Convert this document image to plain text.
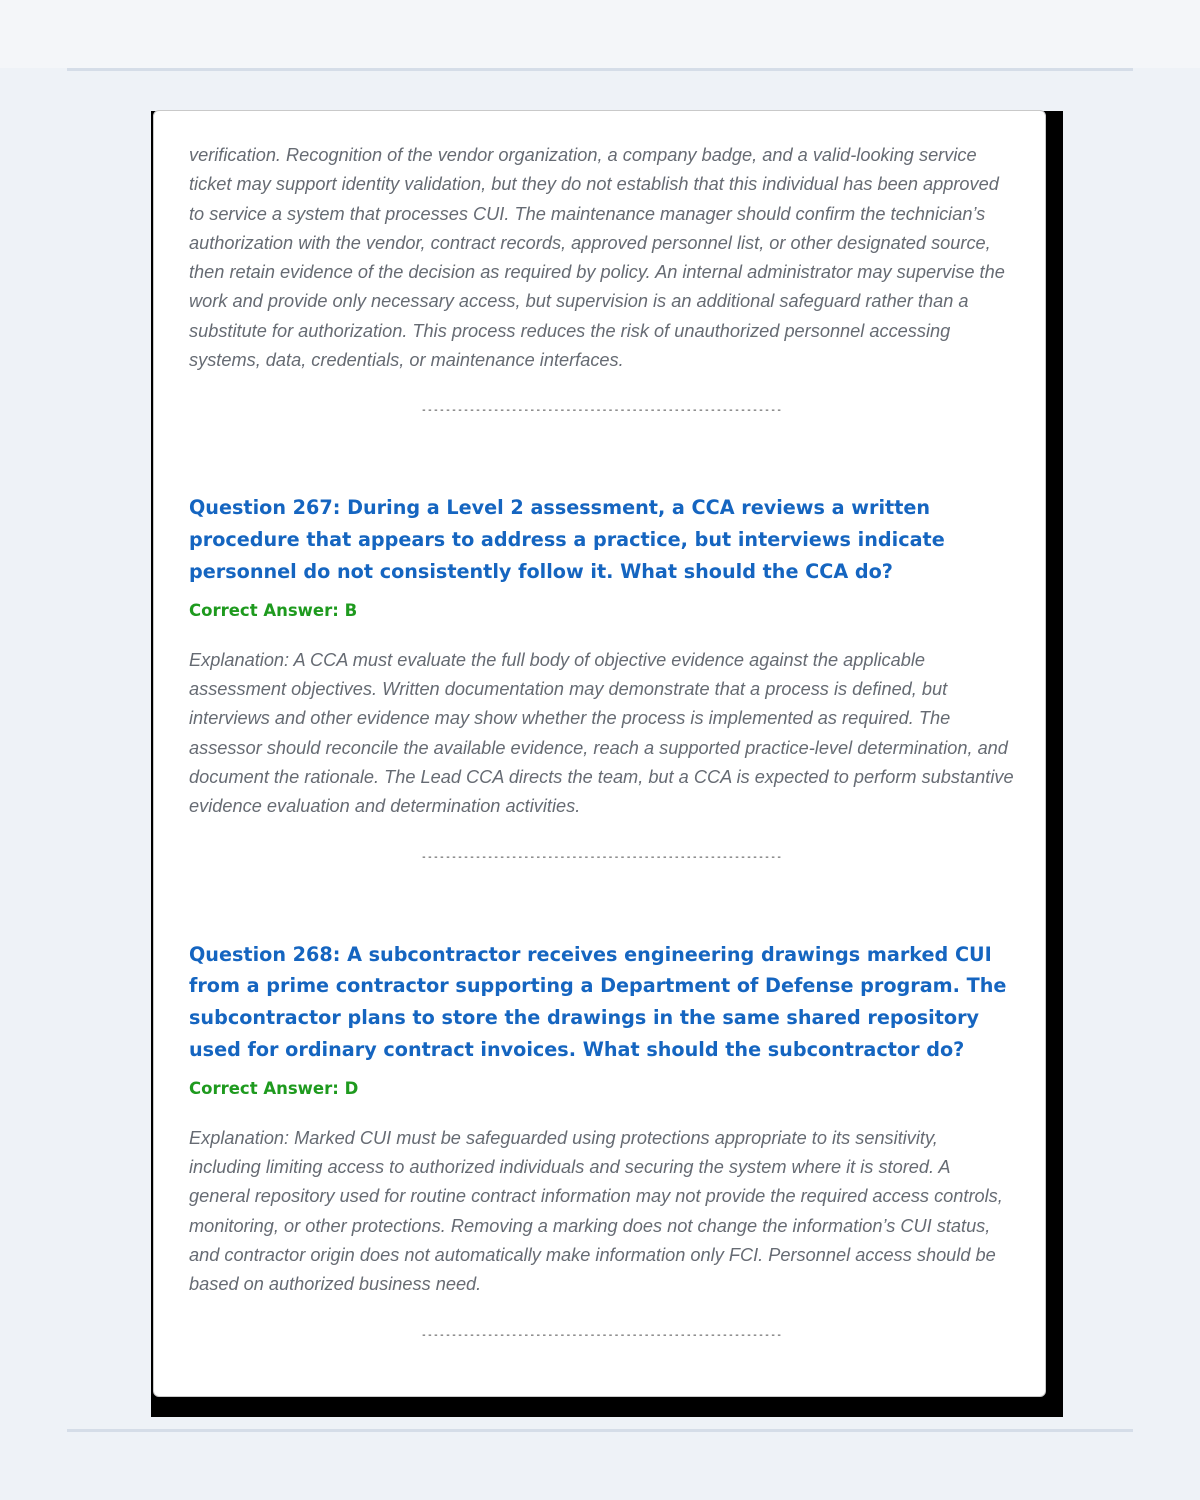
verification. Recognition of the vendor organization, a company badge, and a valid-looking service ticket may support identity validation, but they do not establish that this individual has been approved to service a system that processes CUI. The maintenance manager should confirm the technician’s authorization with the vendor, contract records, approved personnel list, or other designated source, then retain evidence of the decision as required by policy. An internal administrator may supervise the work and provide only necessary access, but supervision is an additional safeguard rather than a substitute for authorization. This process reduces the risk of unauthorized personnel accessing systems, data, credentials, or maintenance interfaces.

------------------------------------------------------------

Question 267: During a Level 2 assessment, a CCA reviews a written procedure that appears to address a practice, but interviews indicate personnel do not consistently follow it. What should the CCA do?

Correct Answer: B

Explanation: A CCA must evaluate the full body of objective evidence against the applicable assessment objectives. Written documentation may demonstrate that a process is defined, but interviews and other evidence may show whether the process is implemented as required. The assessor should reconcile the available evidence, reach a supported practice-level determination, and document the rationale. The Lead CCA directs the team, but a CCA is expected to perform substantive evidence evaluation and determination activities.

------------------------------------------------------------

Question 268: A subcontractor receives engineering drawings marked CUI from a prime contractor supporting a Department of Defense program. The subcontractor plans to store the drawings in the same shared repository used for ordinary contract invoices. What should the subcontractor do?

Correct Answer: D

Explanation: Marked CUI must be safeguarded using protections appropriate to its sensitivity, including limiting access to authorized individuals and securing the system where it is stored. A general repository used for routine contract information may not provide the required access controls, monitoring, or other protections. Removing a marking does not change the information’s CUI status, and contractor origin does not automatically make information only FCI. Personnel access should be based on authorized business need.

------------------------------------------------------------
